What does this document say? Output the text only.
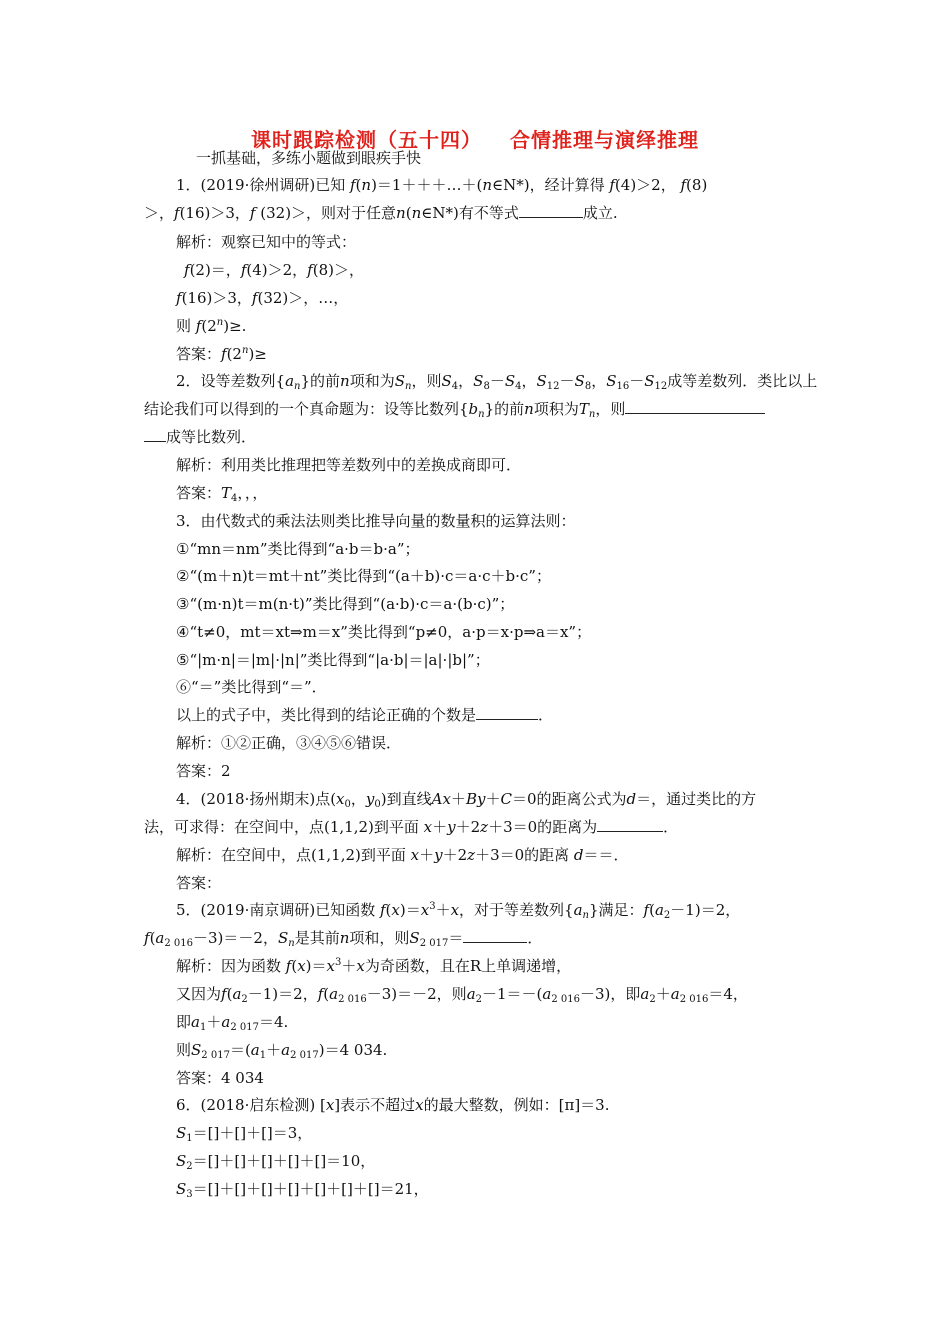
课时跟踪检测（五十四） 合情推理与演绎推理
一抓基础，多练小题做到眼疾手快
1．(2019·徐州调研)已知 f(n)＝1＋＋＋…＋(n∈N*)，经计算得 f(4)＞2， f(8)
＞，f(16)＞3，f (32)＞，则对于任意n(n∈N*)有不等式	成立.
解析：观察已知中的等式：
f(2)＝，f(4)＞2，f(8)＞，
f(16)＞3，f(32)＞，…，
则 $f(2^n)\ge$.
答案：$f(2^n)\ge$
2．设等差数列$\{a_n\}$的前n项和为$S_n$，则$S_4$，$S_8-S_4$，$S_{12}-S_8$，$S_{16}-S_{12}$成等差数列．类比以上
结论我们可以得到的一个真命题为：设等比数列$\{b_n\}$的前n项积为$T_n$，则
成等比数列．
解析：利用类比推理把等差数列中的差换成商即可．
答案：$T_4$，，，
3．由代数式的乘法法则类比推导向量的数量积的运算法则：
①“mn＝nm”类比得到“a·b＝b·a”；
②“(m＋n)t＝mt＋nt”类比得到“(a＋b)·c＝a·c＋b·c”；
③“(m·n)t＝m(n·t)”类比得到“(a·b)·c＝a·(b·c)”；
④“t≠0，mt＝xt⇒m＝x”类比得到“p≠0，a·p＝x·p⇒a＝x”；
⑤“|m·n|＝|m|·|n|”类比得到“|a·b|＝|a|·|b|”；
⑥“＝”类比得到“＝”．
以上的式子中，类比得到的结论正确的个数是	．
解析：①②正确，③④⑤⑥错误．
答案：2
4．(2018·扬州期末)点($x_0$，$y_0$)到直线Ax＋By＋C＝0的距离公式为d＝，通过类比的方
法，可求得：在空间中，点(1,1,2)到平面 x＋y＋2z＋3＝0的距离为	．
解析：在空间中，点(1,1,2)到平面 x＋y＋2z＋3＝0的距离 d＝＝．
答案：
5．(2019·南京调研)已知函数 $f(x)=x^3+x$，对于等差数列$\{a_n\}$满足：$f(a_2-1)=2$，
$f(a_{2 016}-3)=-2$，$S_n$是其前n项和，则$S_{2 017}=$	．
解析：因为函数 $f(x)=x^3+x$为奇函数，且在R上单调递增，
又因为$f(a_2-1)=2$，$f(a_{2 016}-3)=-2$，则$a_2-1=-(a_{2 016}-3)$，即$a_2+a_{2 016}=4$，
即$a_1+a_{2 017}=4$.
则$S_{2 017}=(a_1+a_{2 017})=4$ 034.
答案：4 034
6．(2018·启东检测) [x]表示不超过x的最大整数，例如：[π]＝3.
$S_1=[]+[]+[]=3$，
$S_2=[]+[]+[]+[]+[]=10$，
$S_3=[]+[]+[]+[]+[]+[]+[]=21$，
